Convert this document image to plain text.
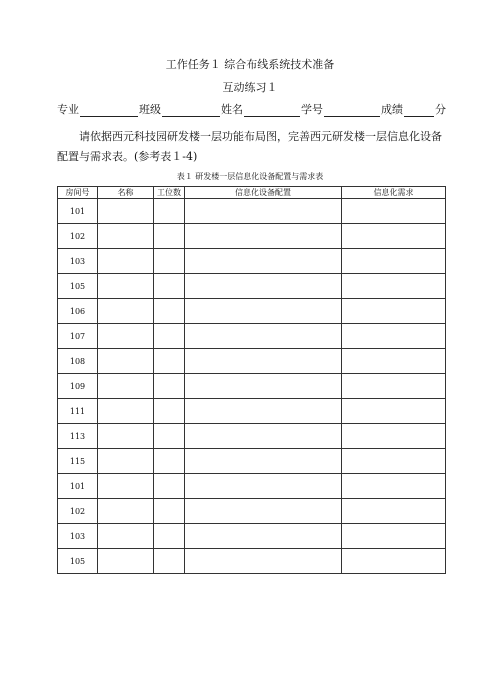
工作任务１ 综合布线系统技术准备
互动练习１
专业	班级	姓名	学号	成绩	分
请依据西元科技园研发楼一层功能布局图，完善西元研发楼一层信息化设备配置与需求表。(参考表１-4)
表１ 研发楼一层信息化设备配置与需求表
房间号	名称	工位数	信息化设备配置	信息化需求
101				
102				
103				
105				
106				
107				
108				
109				
111				
113				
115				
101				
102				
103				
105				
